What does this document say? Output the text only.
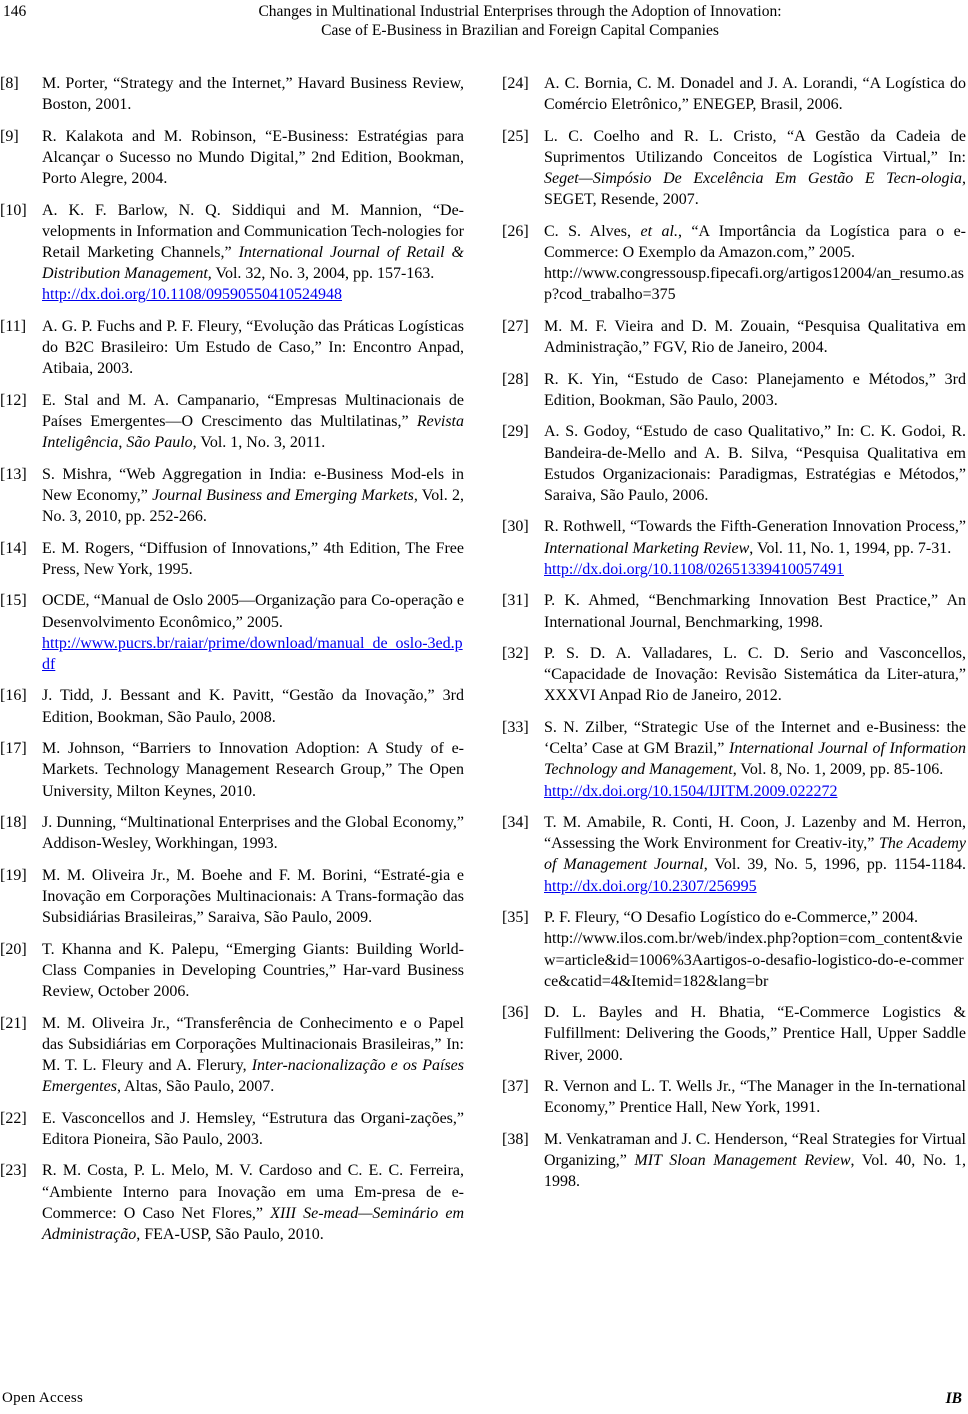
146	Changes in Multinational Industrial Enterprises through the Adoption of Innovation:
Case of E-Business in Brazilian and Foreign Capital Companies
[8] M. Porter, “Strategy and the Internet,” Havard Business Review, Boston, 2001.
[9] R. Kalakota and M. Robinson, “E-Business: Estratégias para Alcançar o Sucesso no Mundo Digital,” 2nd Edition, Bookman, Porto Alegre, 2004.
[10] A. K. F. Barlow, N. Q. Siddiqui and M. Mannion, “De-velopments in Information and Communication Tech-nologies for Retail Marketing Channels,” International Journal of Retail & Distribution Management, Vol. 32, No. 3, 2004, pp. 157-163.
http://dx.doi.org/10.1108/09590550410524948
[11] A. G. P. Fuchs and P. F. Fleury, “Evolução das Práticas Logísticas do B2C Brasileiro: Um Estudo de Caso,” In: Encontro Anpad, Atibaia, 2003.
[12] E. Stal and M. A. Campanario, “Empresas Multinacionais de Países Emergentes—O Crescimento das Multilatinas,” Revista Inteligência, São Paulo, Vol. 1, No. 3, 2011.
[13] S. Mishra, “Web Aggregation in India: e-Business Mod-els in New Economy,” Journal Business and Emerging Markets, Vol. 2, No. 3, 2010, pp. 252-266.
[14] E. M. Rogers, “Diffusion of Innovations,” 4th Edition, The Free Press, New York, 1995.
[15] OCDE, “Manual de Oslo 2005—Organização para Co-operação e Desenvolvimento Econômico,” 2005.
http://www.pucrs.br/raiar/prime/download/manual_de_oslo-3ed.pdf
[16] J. Tidd, J. Bessant and K. Pavitt, “Gestão da Inovação,” 3rd Edition, Bookman, São Paulo, 2008.
[17] M. Johnson, “Barriers to Innovation Adoption: A Study of e-Markets. Technology Management Research Group,” The Open University, Milton Keynes, 2010.
[18] J. Dunning, “Multinational Enterprises and the Global Economy,” Addison-Wesley, Workhingan, 1993.
[19] M. M. Oliveira Jr., M. Boehe and F. M. Borini, “Estraté-gia e Inovação em Corporações Multinacionais: A Trans-formação das Subsidiárias Brasileiras,” Saraiva, São Paulo, 2009.
[20] T. Khanna and K. Palepu, “Emerging Giants: Building World-Class Companies in Developing Countries,” Har-vard Business Review, October 2006.
[21] M. M. Oliveira Jr., “Transferência de Conhecimento e o Papel das Subsidiárias em Corporações Multinacionais Brasileiras,” In: M. T. L. Fleury and A. Flerury, Inter-nacionalização e os Países Emergentes, Altas, São Paulo, 2007.
[22] E. Vasconcellos and J. Hemsley, “Estrutura das Organi-zações,” Editora Pioneira, São Paulo, 2003.
[23] R. M. Costa, P. L. Melo, M. V. Cardoso and C. E. C. Ferreira, “Ambiente Interno para Inovação em uma Em-presa de e-Commerce: O Caso Net Flores,” XIII Se-mead—Seminário em Administração, FEA-USP, São Paulo, 2010.
[24] A. C. Bornia, C. M. Donadel and J. A. Lorandi, “A Logística do Comércio Eletrônico,” ENEGEP, Brasil, 2006.
[25] L. C. Coelho and R. L. Cristo, “A Gestão da Cadeia de Suprimentos Utilizando Conceitos de Logística Virtual,” In: Seget—Simpósio De Excelência Em Gestão E Tecn-ologia, SEGET, Resende, 2007.
[26] C. S. Alves, et al., “A Importância da Logística para o e-Commerce: O Exemplo da Amazon.com,” 2005.
http://www.congressousp.fipecafi.org/artigos12004/an_resumo.asp?cod_trabalho=375
[27] M. M. F. Vieira and D. M. Zouain, “Pesquisa Qualitativa em Administração,” FGV, Rio de Janeiro, 2004.
[28] R. K. Yin, “Estudo de Caso: Planejamento e Métodos,” 3rd Edition, Bookman, São Paulo, 2003.
[29] A. S. Godoy, “Estudo de caso Qualitativo,” In: C. K. Godoi, R. Bandeira-de-Mello and A. B. Silva, “Pesquisa Qualitativa em Estudos Organizacionais: Paradigmas, Estratégias e Métodos,” Saraiva, São Paulo, 2006.
[30] R. Rothwell, “Towards the Fifth-Generation Innovation Process,” International Marketing Review, Vol. 11, No. 1, 1994, pp. 7-31.
http://dx.doi.org/10.1108/02651339410057491
[31] P. K. Ahmed, “Benchmarking Innovation Best Practice,” An International Journal, Benchmarking, 1998.
[32] P. S. D. A. Valladares, L. C. D. Serio and Vasconcellos, “Capacidade de Inovação: Revisão Sistemática da Liter-atura,” XXXVI Anpad Rio de Janeiro, 2012.
[33] S. N. Zilber, “Strategic Use of the Internet and e-Business: the ‘Celta’ Case at GM Brazil,” International Journal of Information Technology and Management, Vol. 8, No. 1, 2009, pp. 85-106.
http://dx.doi.org/10.1504/IJITM.2009.022272
[34] T. M. Amabile, R. Conti, H. Coon, J. Lazenby and M. Herron, “Assessing the Work Environment for Creativ-ity,” The Academy of Management Journal, Vol. 39, No. 5, 1996, pp. 1154-1184. http://dx.doi.org/10.2307/256995
[35] P. F. Fleury, “O Desafio Logístico do e-Commerce,” 2004.
http://www.ilos.com.br/web/index.php?option=com_content&view=article&id=1006%3Aartigos-o-desafio-logistico-do-e-commerce&catid=4&Itemid=182&lang=br
[36] D. L. Bayles and H. Bhatia, “E-Commerce Logistics & Fulfillment: Delivering the Goods,” Prentice Hall, Upper Saddle River, 2000.
[37] R. Vernon and L. T. Wells Jr., “The Manager in the In-ternational Economy,” Prentice Hall, New York, 1991.
[38] M. Venkatraman and J. C. Henderson, “Real Strategies for Virtual Organizing,” MIT Sloan Management Review, Vol. 40, No. 1, 1998.
Open Access	IB
